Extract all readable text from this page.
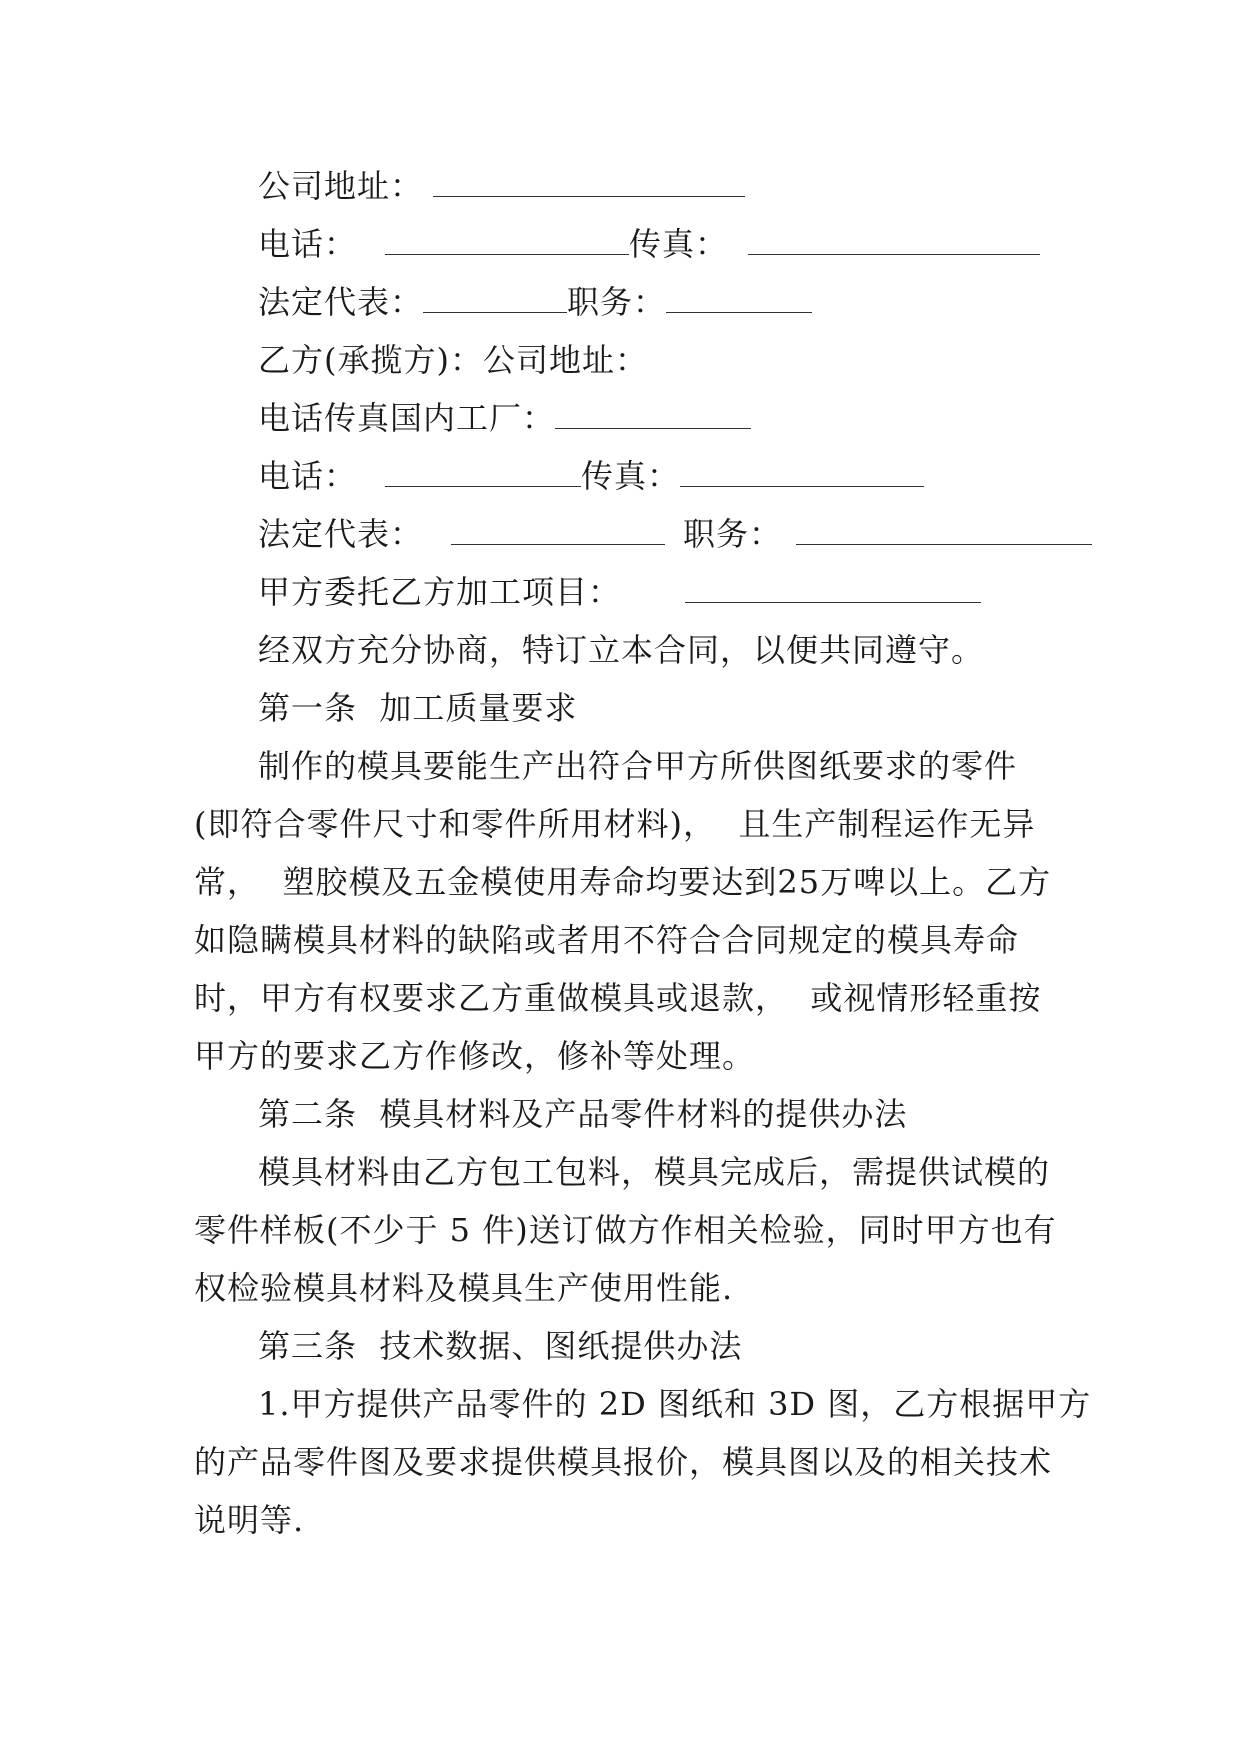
公司地址：
电话：	传真：
法定代表：	职务：
乙方(承揽方)：公司地址：
电话传真国内工厂：
电话：	传真：
法定代表：	职务：
甲方委托乙方加工项目：
经双方充分协商，特订立本合同，以便共同遵守。
第一条  加工质量要求
制作的模具要能生产出符合甲方所供图纸要求的零件
(即符合零件尺寸和零件所用材料)，  且生产制程运作无异
常，  塑胶模及五金模使用寿命均要达到25万啤以上。乙方
如隐瞒模具材料的缺陷或者用不符合合同规定的模具寿命
时，甲方有权要求乙方重做模具或退款，  或视情形轻重按
甲方的要求乙方作修改，修补等处理。
第二条  模具材料及产品零件材料的提供办法
模具材料由乙方包工包料，模具完成后，需提供试模的
零件样板(不少于 5 件)送订做方作相关检验，同时甲方也有
权检验模具材料及模具生产使用性能.
第三条  技术数据、图纸提供办法
1.甲方提供产品零件的 2D 图纸和 3D 图，乙方根据甲方
的产品零件图及要求提供模具报价，模具图以及的相关技术
说明等.
